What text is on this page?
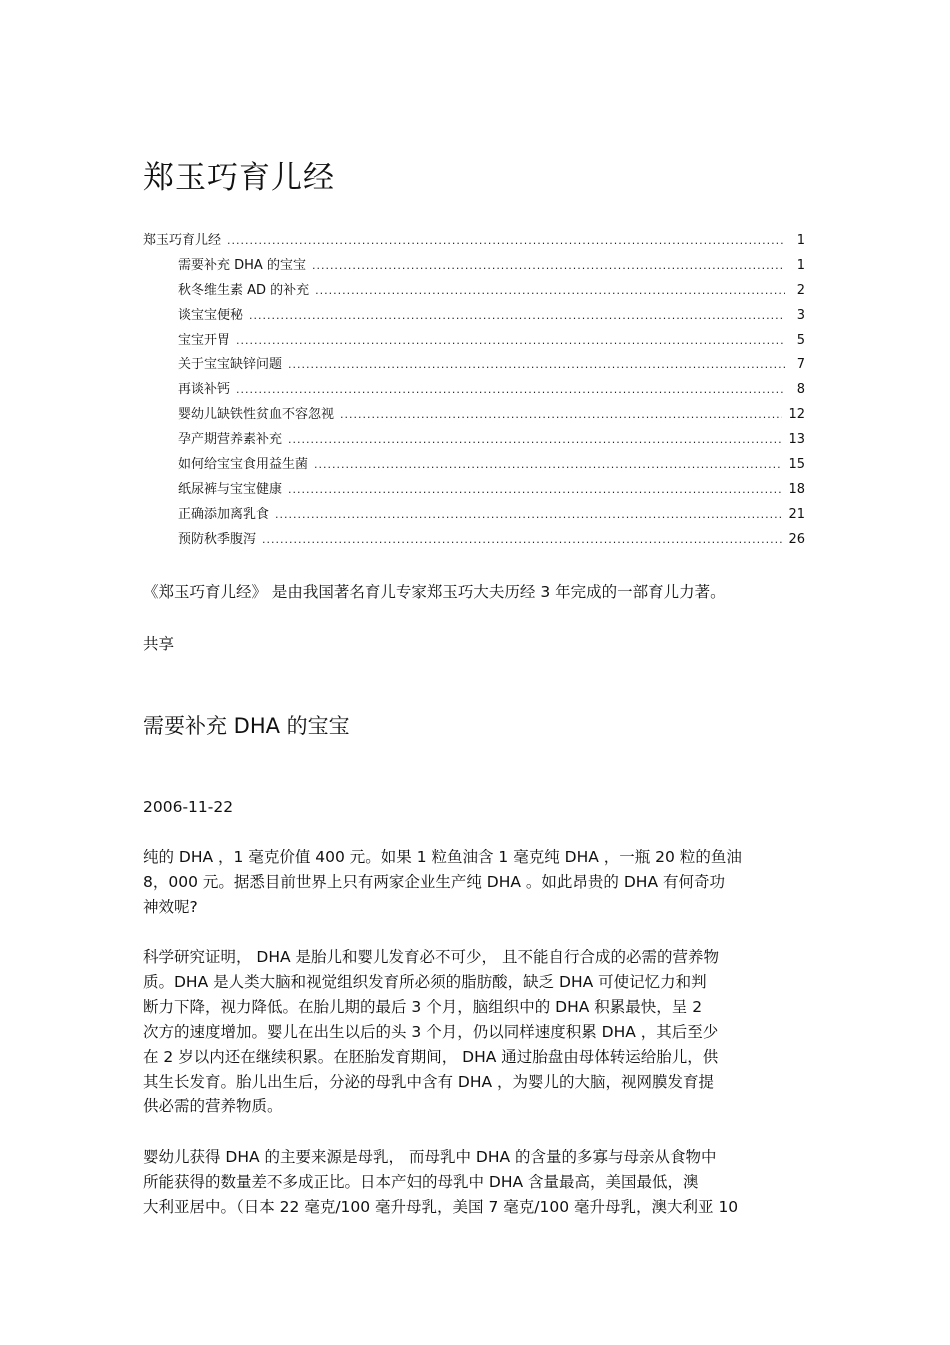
郑玉巧育儿经
郑玉巧育儿经 .....	1
需要补充 DHA 的宝宝 .....	1
秋冬维生素 AD 的补充 .....	2
谈宝宝便秘 .....	3
宝宝开胃 .....	5
关于宝宝缺锌问题 .....	7
再谈补钙 .....	8
婴幼儿缺铁性贫血不容忽视 .....	12
孕产期营养素补充 .....	13
如何给宝宝食用益生菌 .....	15
纸尿裤与宝宝健康 .....	18
正确添加离乳食 .....	21
预防秋季腹泻 .....	26
《郑玉巧育儿经》 是由我国著名育儿专家郑玉巧大夫历经 3 年完成的一部育儿力著。
共享
需要补充 DHA 的宝宝
2006-11-22

纯的 DHA ，1 毫克价值 400 元。如果 1 粒鱼油含 1 毫克纯 DHA ，一瓶 20 粒的鱼油
8，000 元。据悉目前世界上只有两家企业生产纯 DHA 。如此昂贵的 DHA 有何奇功
神效呢?

科学研究证明， DHA 是胎儿和婴儿发育必不可少， 且不能自行合成的必需的营养物
质。DHA 是人类大脑和视觉组织发育所必须的脂肪酸，缺乏 DHA 可使记忆力和判
断力下降，视力降低。在胎儿期的最后 3 个月，脑组织中的 DHA 积累最快，呈 2
次方的速度增加。婴儿在出生以后的头 3 个月，仍以同样速度积累 DHA ，其后至少
在 2 岁以内还在继续积累。在胚胎发育期间， DHA 通过胎盘由母体转运给胎儿，供
其生长发育。胎儿出生后，分泌的母乳中含有 DHA ，为婴儿的大脑，视网膜发育提
供必需的营养物质。

婴幼儿获得 DHA 的主要来源是母乳， 而母乳中 DHA 的含量的多寡与母亲从食物中
所能获得的数量差不多成正比。日本产妇的母乳中 DHA 含量最高，美国最低，澳
大利亚居中。（日本 22 毫克/100 毫升母乳，美国 7 毫克/100 毫升母乳，澳大利亚 10
